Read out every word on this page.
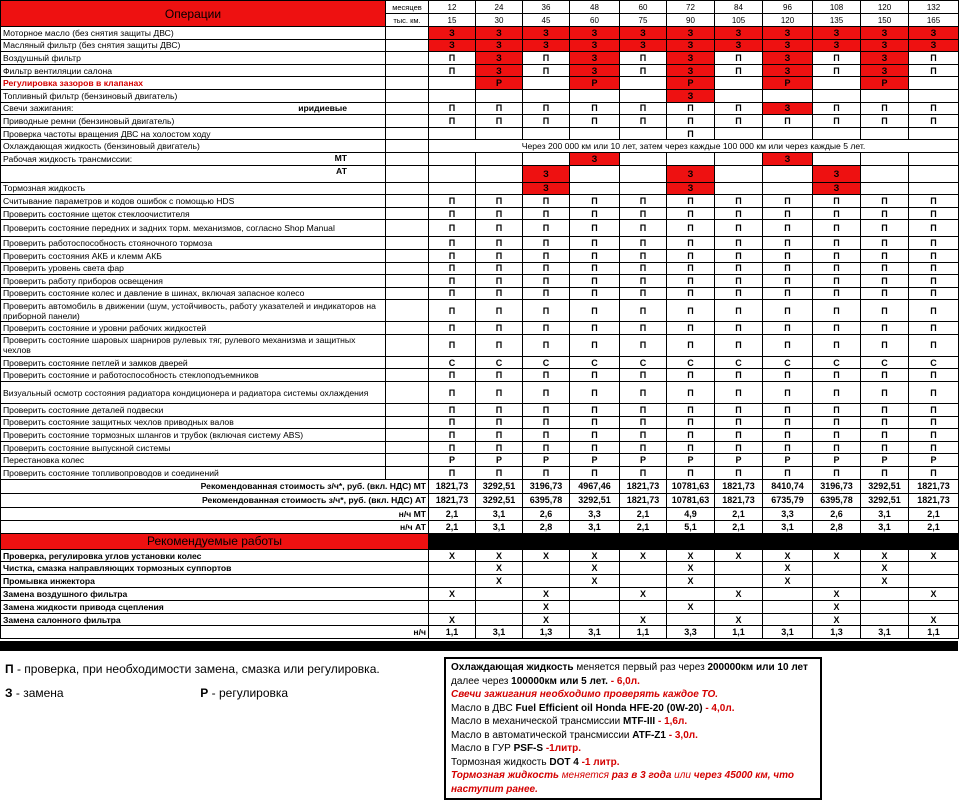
Операции	месяцев	12	24	36	48	60	72	84	96	108	120	132
	тыс. км.	15	30	45	60	75	90	105	120	135	150	165
Моторное масло (без снятия защиты ДВС)		З	З	З	З	З	З	З	З	З	З	З
Масляный фильтр (без снятия защиты ДВС)		З	З	З	З	З	З	З	З	З	З	З
Воздушный фильтр		П	З	П	З	П	З	П	З	П	З	П
Фильтр вентиляции салона		П	З	П	З	П	З	П	З	П	З	П
Регулировка зазоров в клапанах			Р		Р		Р		Р		Р	
Топливный фильтр (бензиновый двигатель)							З					
Свечи зажигания: иридиевые		П	П	П	П	П	П	П	З	П	П	П
Приводные ремни (бензиновый двигатель)		П	П	П	П	П	П	П	П	П	П	П
Проверка частоты вращения ДВС на холостом ходу							П					
Охлаждающая жидкость (бензиновый двигатель)		Через 200 000 км или 10 лет, затем через каждые 100 000 км или через каждые 5 лет.										
Рабочая жидкость трансмиссии: МТ					З				З			

АТ				З			З			З		
Тормозная жидкость				З			З			З		
Считывание параметров и кодов ошибок с помощью HDS		П	П	П	П	П	П	П	П	П	П	П
Проверить состояние щеток стеклоочистителя		П	П	П	П	П	П	П	П	П	П	П
Проверить состояние передних и задних торм. механизмов, согласно Shop Manual		П	П	П	П	П	П	П	П	П	П	П
Проверить работоспособность стояночного тормоза		П	П	П	П	П	П	П	П	П	П	П
Проверить состояния АКБ и клемм АКБ		П	П	П	П	П	П	П	П	П	П	П
Проверить уровень света фар		П	П	П	П	П	П	П	П	П	П	П
Проверить работу приборов освещения		П	П	П	П	П	П	П	П	П	П	П
Проверить состояние колес и давление в шинах, включая запасное колесо		П	П	П	П	П	П	П	П	П	П	П
Проверить автомобиль в движении (шум, устойчивость, работу указателей и индикаторов на приборной панели)		П	П	П	П	П	П	П	П	П	П	П
Проверить состояние и уровни рабочих жидкостей		П	П	П	П	П	П	П	П	П	П	П
Проверить состояние шаровых шарниров рулевых тяг, рулевого механизма и защитных чехлов		П	П	П	П	П	П	П	П	П	П	П
Проверить состояние петлей и замков дверей		С	С	С	С	С	С	С	С	С	С	С
Проверить состояние и работоспособность стеклоподъемников		П	П	П	П	П	П	П	П	П	П	П
Визуальный осмотр состояния радиатора кондиционера и радиатора системы охлаждения		П	П	П	П	П	П	П	П	П	П	П
Проверить состояние деталей подвески		П	П	П	П	П	П	П	П	П	П	П
Проверить состояние защитных чехлов приводных валов		П	П	П	П	П	П	П	П	П	П	П
Проверить состояние тормозных шлангов и трубок (включая систему ABS)		П	П	П	П	П	П	П	П	П	П	П
Проверить состояние выпускной системы		П	П	П	П	П	П	П	П	П	П	П
Перестановка колес		Р	Р	Р	Р	Р	Р	Р	Р	Р	Р	Р
Проверить состояние топливопроводов и соединений		П	П	П	П	П	П	П	П	П	П	П
Рекомендованная стоимость з/ч*, руб. (вкл. НДС) МТ		1821,73	3292,51	3196,73	4967,46	1821,73	10781,63	1821,73	8410,74	3196,73	3292,51	1821,73
Рекомендованная стоимость з/ч*, руб. (вкл. НДС) АТ		1821,73	3292,51	6395,78	3292,51	1821,73	10781,63	1821,73	6735,79	6395,78	3292,51	1821,73
н/ч МТ		2,1	3,1	2,6	3,3	2,1	4,9	2,1	3,3	2,6	3,1	2,1
н/ч АТ		2,1	3,1	2,8	3,1	2,1	5,1	2,1	3,1	2,8	3,1	2,1
Рекомендуемые работы												
Проверка, регулировка углов установки колес		X	X	X	X	X	X	X	X	X	X	X
Чистка, смазка направляющих тормозных суппортов			X		X		X		X		X	
Промывка инжектора			X		X		X		X		X	
Замена воздушного фильтра		X		X		X		X		X		X
Замена жидкости привода сцепления				X			X			X		
Замена салонного фильтра		X		X		X		X		X		X
н/ч		1,1	3,1	1,3	3,1	1,1	3,3	1,1	3,1	1,3	3,1	1,1
П - проверка, при необходимости замена, смазка или регулировка.
З - замена	Р - регулировка
Охлаждающая жидкость меняется первый раз через 200000км или 10 лет
далее через 100000км или 5 лет. - 6,0л.
Свечи зажигания необходимо проверять каждое ТО.
Масло в ДВС Fuel Efficient oil Honda HFE-20 (0W-20) - 4,0л.
Масло в механической трансмиссии MTF-III - 1,6л.
Масло в автоматической трансмиссии ATF-Z1 - 3,0л.
Масло в ГУР PSF-S -1литр.
Тормозная жидкость DOT 4 -1 литр.
Тормозная жидкость меняется раз в 3 года или через 45000 км, что
наступит ранее.
